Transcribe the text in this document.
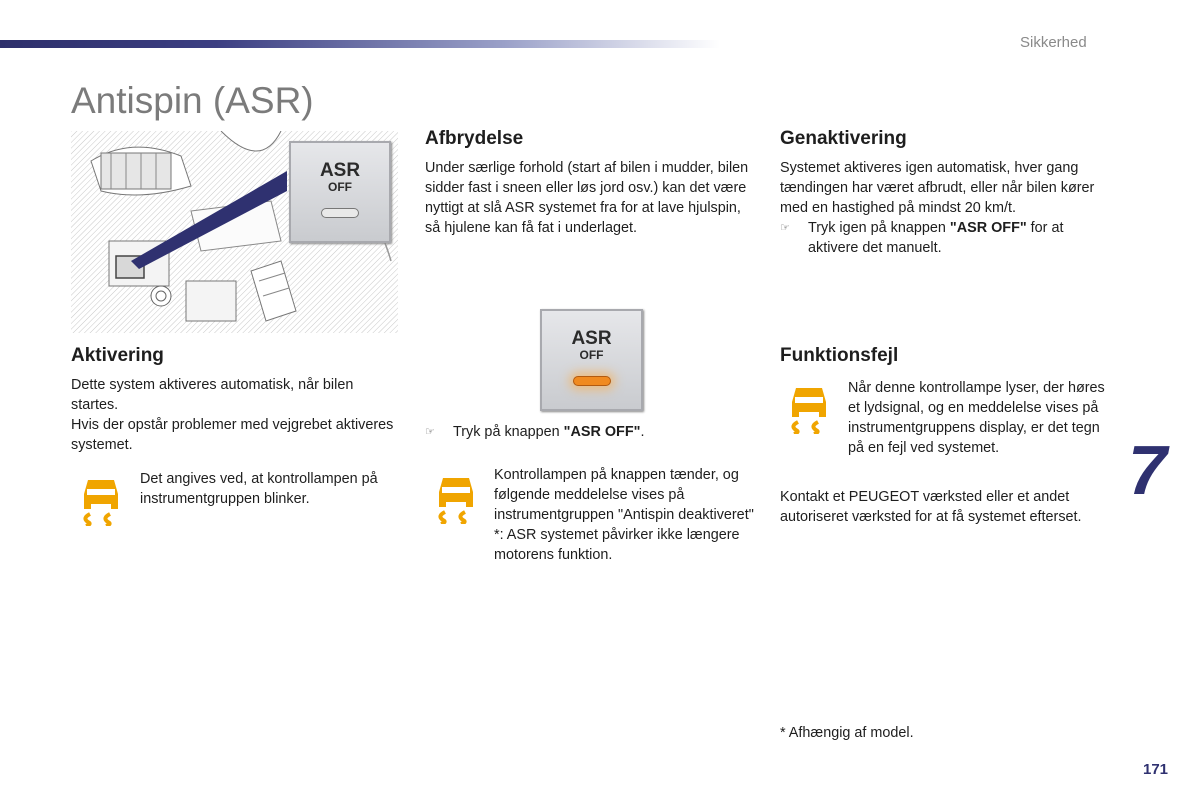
Sikkerhed
Antispin (ASR)
ASR
OFF
ASR
OFF
Aktivering

Dette system aktiveres automatisk, når bilen startes.

Hvis der opstår problemer med vejgrebet aktiveres systemet.

Det angives ved, at kontrollampen på instrumentgruppen blinker.

Afbrydelse

Under særlige forhold (start af bilen i mudder, bilen sidder fast i sneen eller løs jord osv.) kan det være nyttigt at slå ASR systemet fra for at lave hjulspin, så hjulene kan få fat i underlaget.

☞ Tryk på knappen "ASR OFF".

Kontrollampen på knappen tænder, og følgende meddelelse vises på instrumentgruppen "Antispin deaktiveret" *: ASR systemet påvirker ikke længere motorens funktion.

Genaktivering

Systemet aktiveres igen automatisk, hver gang tændingen har været afbrudt, eller når bilen kører med en hastighed på mindst 20 km/t.

☞ Tryk igen på knappen "ASR OFF" for at aktivere det manuelt.
Funktionsfejl

Når denne kontrollampe lyser, der høres et lydsignal, og en meddelelse vises på instrumentgruppens display, er det tegn på en fejl ved systemet.

Kontakt et PEUGEOT værksted eller et andet autoriseret værksted for at få systemet efterset.

7

* Afhængig af model.

171
